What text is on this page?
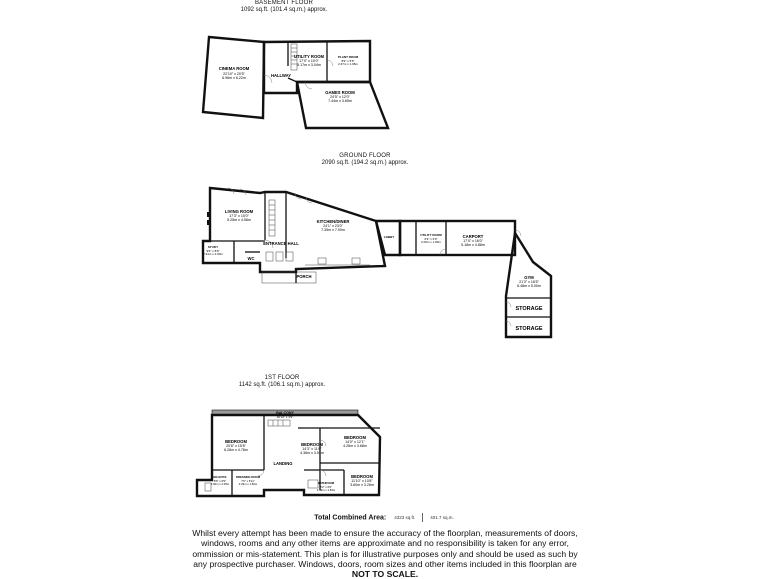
BASEMENT FLOOR
1092 sq.ft. (101.4 sq.m.) approx.
GROUND FLOOR
2090 sq.ft. (194.2 sq.m.) approx.
1ST FLOOR
1142 sq.ft. (106.1 sq.m.) approx.
CINEMA ROOM
22'10" x 20'5"
6.96m x 6.22m	HALLWAY
UTILITY ROOM
17'0" x 10'0"
5.17m x 3.04m
PLANT ROOM
8'9" x 5'6"
2.67m x 1.68m
GAMES ROOM
24'5" x 12'0"
7.44m x 3.65m
LIVING ROOM
17'3" x 15'0"
5.25m x 4.58m	KITCHEN/DINER
24'1" x 23'0"
7.35m x 7.00m
ENTRANCE HALL
STUDY
9'6" x 8'6"
2.91m x 2.60m
WC
PORCH
LOBBY	UTILITY ROOM
6'9" x 6'0"
2.06m x 1.83m
CARPORT
17'0" x 16'0"
5.18m x 4.88m
GYM
21'3" x 16'5"
6.48m x 5.00m
STORAGE
STORAGE
BALCONY
40'10" x 3'9"
BEDROOM
20'6" x 15'8"
6.26m x 4.78m
LANDING
BEDROOM
14'3" x 11'6"
4.36m x 3.51m
BEDROOM
14'0" x 12'1"
4.26m x 3.68m
BEDROOM
11'10" x 10'8"
3.60m x 3.26m
EN-SUITE
8'6" x 6'9"
2.60m x 2.05m
DRESSING ROOM
7'6" x 5'11"
2.29m x 1.80m	BATHROOM
8'2" x 6'0"
2.49m x 1.83m
Total Combined Area: 4323 sq.ft.	401.7 sq.m.
Whilst every attempt has been made to ensure the accuracy of the floorplan, measurements of doors, windows, rooms and any other items are approximate and no responsibility is taken for any error, ommission or mis-statement. This plan is for illustrative purposes only and should be used as such by any prospective purchaser. Windows, doors, room sizes and other items included in this floorplan are NOT TO SCALE.
